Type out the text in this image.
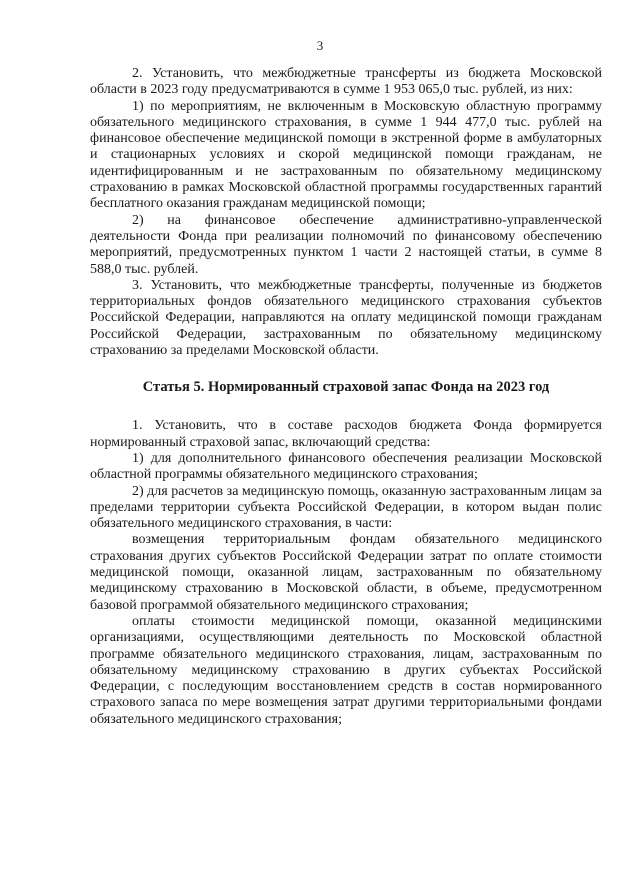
3

2. Установить, что межбюджетные трансферты из бюджета Московской области в 2023 году предусматриваются в сумме 1 953 065,0 тыс. рублей, из них:

1) по мероприятиям, не включенным в Московскую областную программу обязательного медицинского страхования, в сумме 1 944 477,0 тыс. рублей на финансовое обеспечение медицинской помощи в экстренной форме в амбулаторных и стационарных условиях и скорой медицинской помощи гражданам, не идентифицированным и не застрахованным по обязательному медицинскому страхованию в рамках Московской областной программы государственных гарантий бесплатного оказания гражданам медицинской помощи;

2) на финансовое обеспечение административно-управленческой деятельности Фонда при реализации полномочий по финансовому обеспечению мероприятий, предусмотренных пунктом 1 части 2 настоящей статьи, в сумме 8 588,0 тыс. рублей.

3. Установить, что межбюджетные трансферты, полученные из бюджетов территориальных фондов обязательного медицинского страхования субъектов Российской Федерации, направляются на оплату медицинской помощи гражданам Российской Федерации, застрахованным по обязательному медицинскому страхованию за пределами Московской области.

Статья 5. Нормированный страховой запас Фонда на 2023 год

1. Установить, что в составе расходов бюджета Фонда формируется нормированный страховой запас, включающий средства:

1) для дополнительного финансового обеспечения реализации Московской областной программы обязательного медицинского страхования;

2) для расчетов за медицинскую помощь, оказанную застрахованным лицам за пределами территории субъекта Российской Федерации, в котором выдан полис обязательного медицинского страхования, в части:

возмещения территориальным фондам обязательного медицинского страхования других субъектов Российской Федерации затрат по оплате стоимости медицинской помощи, оказанной лицам, застрахованным по обязательному медицинскому страхованию в Московской области, в объеме, предусмотренном базовой программой обязательного медицинского страхования;

оплаты стоимости медицинской помощи, оказанной медицинскими организациями, осуществляющими деятельность по Московской областной программе обязательного медицинского страхования, лицам, застрахованным по обязательному медицинскому страхованию в других субъектах Российской Федерации, с последующим восстановлением средств в состав нормированного страхового запаса по мере возмещения затрат другими территориальными фондами обязательного медицинского страхования;
